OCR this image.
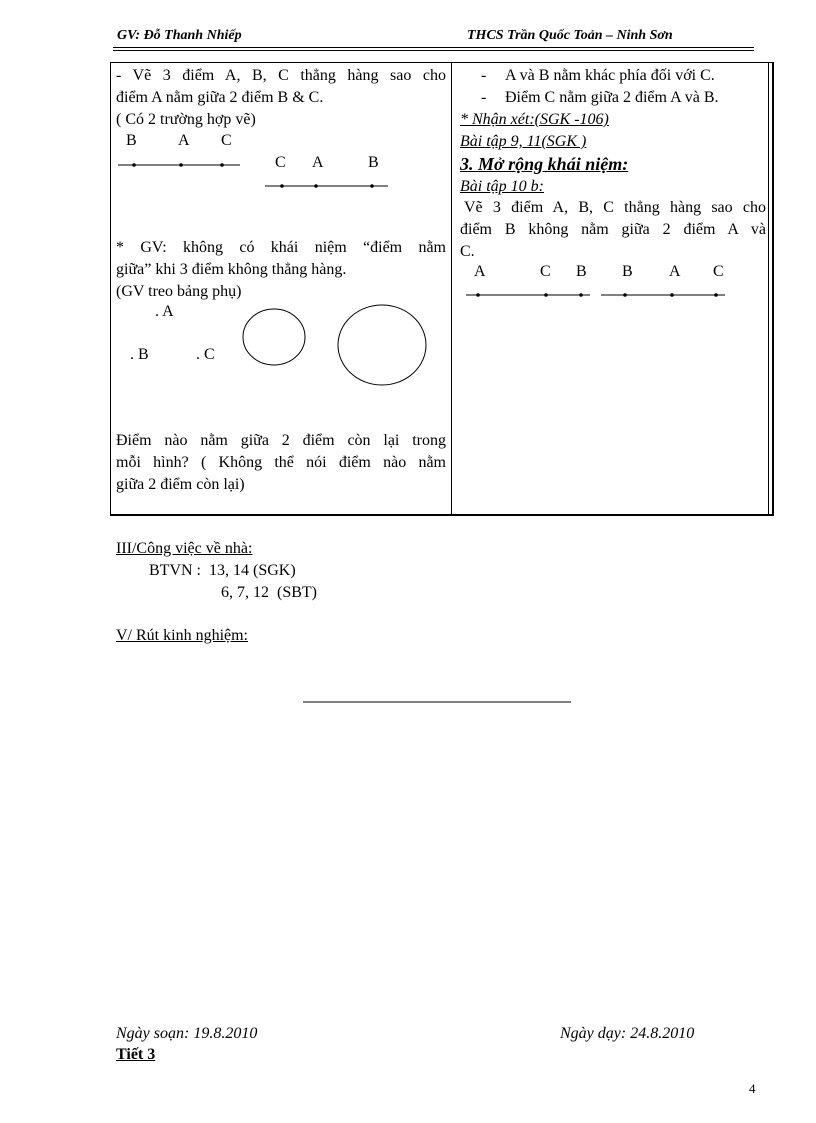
GV: Đỗ Thanh Nhiếp	THCS Trần Quốc Toản – Ninh Sơn
- Vẽ 3 điểm A, B, C thẳng hàng sao cho
điểm A nằm giữa 2 điểm B & C.
( Có 2 trường hợp vẽ)
B	A C
C A	B
* GV: không có khái niệm “điểm nằm
giữa” khi 3 điểm không thẳng hàng.
(GV treo bảng phụ)
. A
. B	. C
Điểm nào nằm giữa 2 điểm còn lại trong
mỗi hình? ( Không thể nói điểm nào nằm
giữa 2 điểm còn lại)
- A và B nằm khác phía đối với C.
- Điểm C nằm giữa 2 điểm A và B.
* Nhận xét:(SGK -106)
Bài tập 9, 11(SGK )
3. Mở rộng khái niệm:
Bài tập 10 b:
Vẽ 3 điểm A, B, C thẳng hàng sao cho
điểm B không nằm giữa 2 điểm A và
C.
A	C B B A C
III/Công việc về nhà:
BTVN :  13, 14 (SGK)
6, 7, 12  (SBT)
V/ Rút kinh nghiệm:
Ngày soạn: 19.8.2010	Ngày dạy: 24.8.2010
Tiết 3
4
